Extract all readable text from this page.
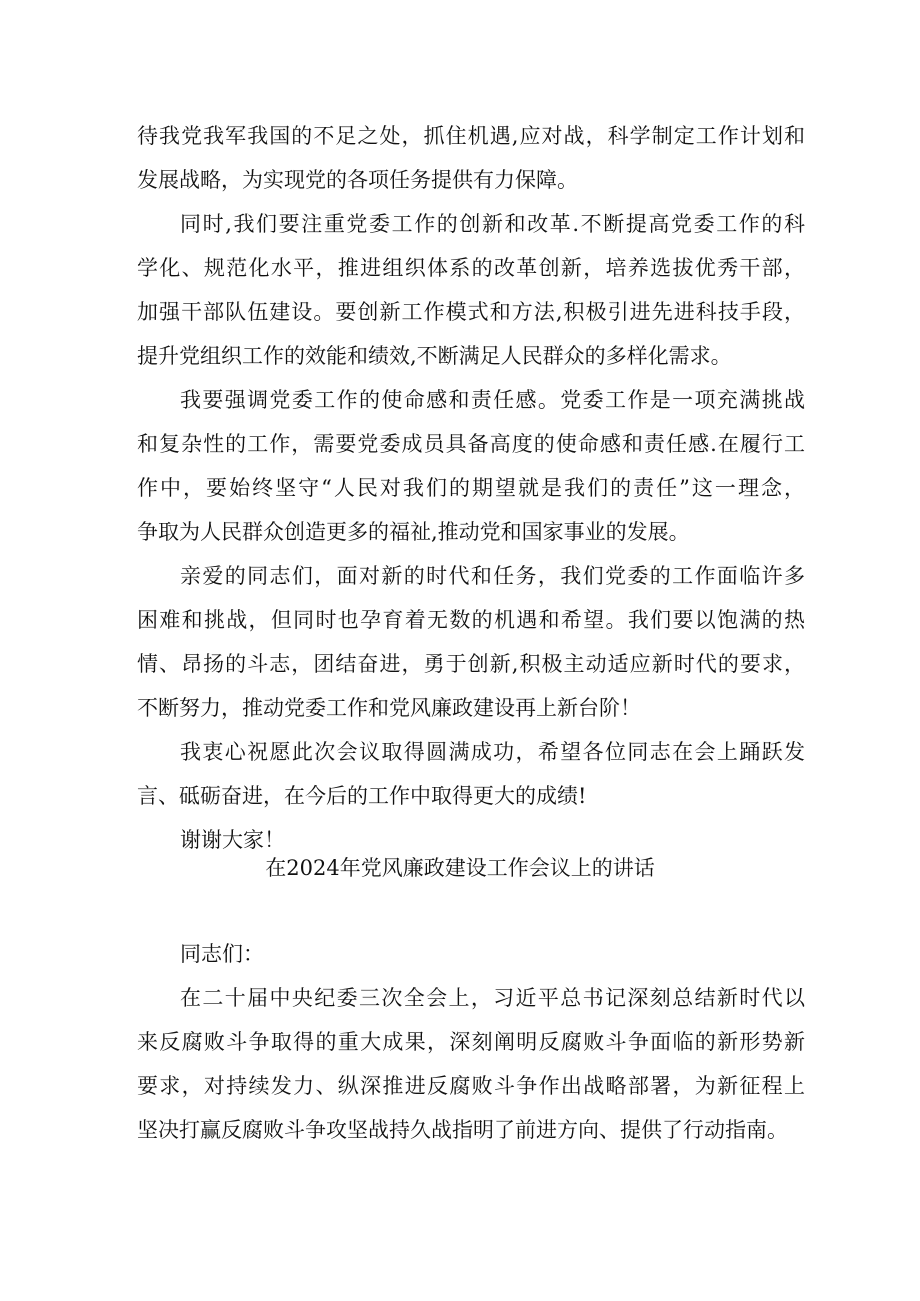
待我党我军我国的不足之处，抓住机遇,应对战，科学制定工作计划和
发展战略，为实现党的各项任务提供有力保障。
同时,我们要注重党委工作的创新和改革.不断提高党委工作的科
学化、规范化水平，推进组织体系的改革创新，培养选拔优秀干部，
加强干部队伍建设。要创新工作模式和方法,积极引进先进科技手段，
提升党组织工作的效能和绩效,不断满足人民群众的多样化需求。
我要强调党委工作的使命感和责任感。党委工作是一项充满挑战
和复杂性的工作，需要党委成员具备高度的使命感和责任感.在履行工
作中，要始终坚守“人民对我们的期望就是我们的责任”这一理念，
争取为人民群众创造更多的福祉,推动党和国家事业的发展。
亲爱的同志们，面对新的时代和任务，我们党委的工作面临许多
困难和挑战，但同时也孕育着无数的机遇和希望。我们要以饱满的热
情、昂扬的斗志，团结奋进，勇于创新,积极主动适应新时代的要求，
不断努力，推动党委工作和党风廉政建设再上新台阶！
我衷心祝愿此次会议取得圆满成功，希望各位同志在会上踊跃发
言、砥砺奋进，在今后的工作中取得更大的成绩!
谢谢大家！
在2024年党风廉政建设工作会议上的讲话
同志们：
在二十届中央纪委三次全会上，习近平总书记深刻总结新时代以
来反腐败斗争取得的重大成果，深刻阐明反腐败斗争面临的新形势新
要求，对持续发力、纵深推进反腐败斗争作出战略部署，为新征程上
坚决打赢反腐败斗争攻坚战持久战指明了前进方向、提供了行动指南。
